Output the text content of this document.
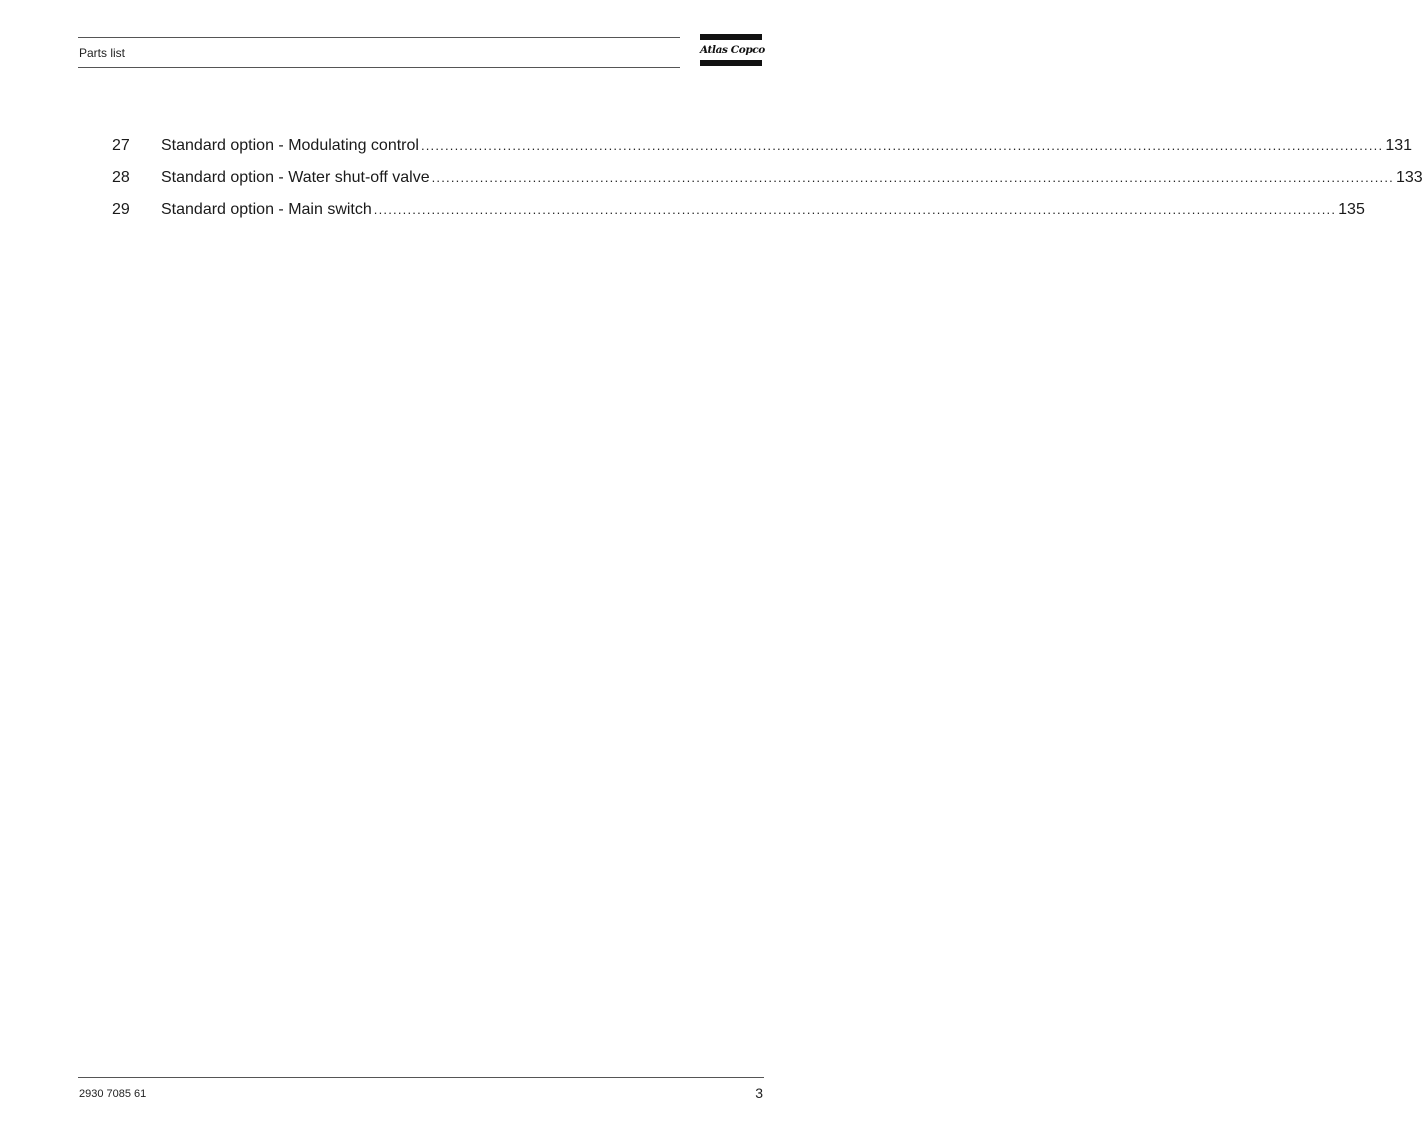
Parts list	Atlas Copco
27	Standard option - Modulating control ........................................................................................................................................................................................................ 131
28	Standard option - Water shut-off valve ........................................................................................................................................................................................................ 133
29	Standard option - Main switch ........................................................................................................................................................................................................ 135
2930 7085 61	3
